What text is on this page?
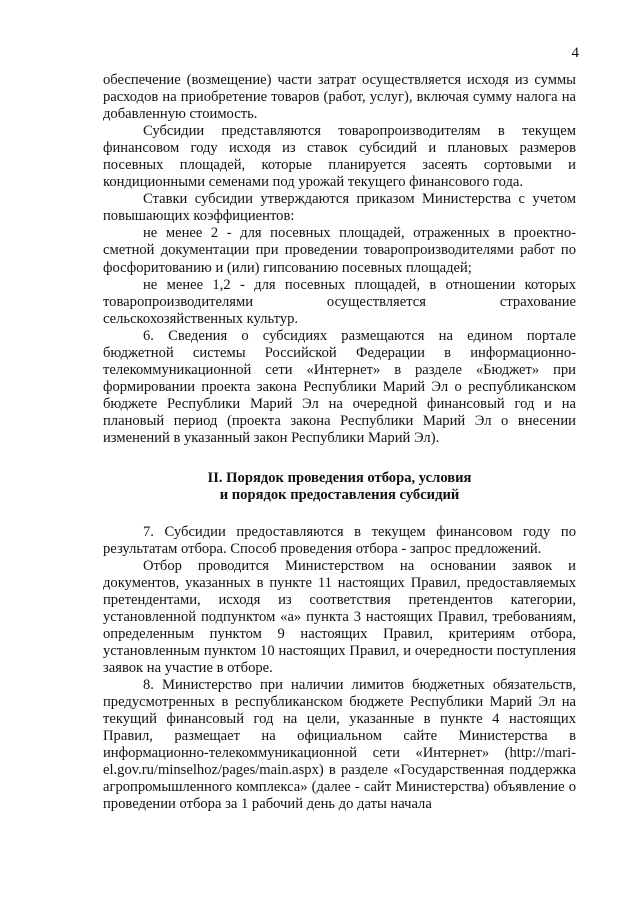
4

обеспечение (возмещение) части затрат осуществляется исходя из суммы расходов на приобретение товаров (работ, услуг), включая сумму налога на добавленную стоимость.

Субсидии представляются товаропроизводителям в текущем финансовом году исходя из ставок субсидий и плановых размеров посевных площадей, которые планируется засеять сортовыми и кондиционными семенами под урожай текущего финансового года.

Ставки субсидии утверждаются приказом Министерства с учетом повышающих коэффициентов:

не менее 2 - для посевных площадей, отраженных в проектно-сметной документации при проведении товаропроизводителями работ по фосфоритованию и (или) гипсованию посевных площадей;

не менее 1,2 - для посевных площадей, в отношении которых товаропроизводителями осуществляется страхование сельскохозяйственных культур.

6. Сведения о субсидиях размещаются на едином портале бюджетной системы Российской Федерации в информационно-телекоммуникационной сети «Интернет» в разделе «Бюджет» при формировании проекта закона Республики Марий Эл о республиканском бюджете Республики Марий Эл на очередной финансовый год и на плановый период (проекта закона Республики Марий Эл о внесении изменений в указанный закон Республики Марий Эл).

II. Порядок проведения отбора, условия
и порядок предоставления субсидий

7. Субсидии предоставляются в текущем финансовом году по результатам отбора. Способ проведения отбора - запрос предложений.

Отбор проводится Министерством на основании заявок и документов, указанных в пункте 11 настоящих Правил, предоставляемых претендентами, исходя из соответствия претендентов категории, установленной подпунктом «а» пункта 3 настоящих Правил, требованиям, определенным пунктом 9 настоящих Правил, критериям отбора, установленным пунктом 10 настоящих Правил, и очередности поступления заявок на участие в отборе.

8. Министерство при наличии лимитов бюджетных обязательств, предусмотренных в республиканском бюджете Республики Марий Эл на текущий финансовый год на цели, указанные в пункте 4 настоящих Правил, размещает на официальном сайте Министерства в информационно-телекоммуникационной сети «Интернет» (http://mari-el.gov.ru/minselhoz/pages/main.aspx) в разделе «Государственная поддержка агропромышленного комплекса» (далее - сайт Министерства) объявление о проведении отбора за 1 рабочий день до даты начала
